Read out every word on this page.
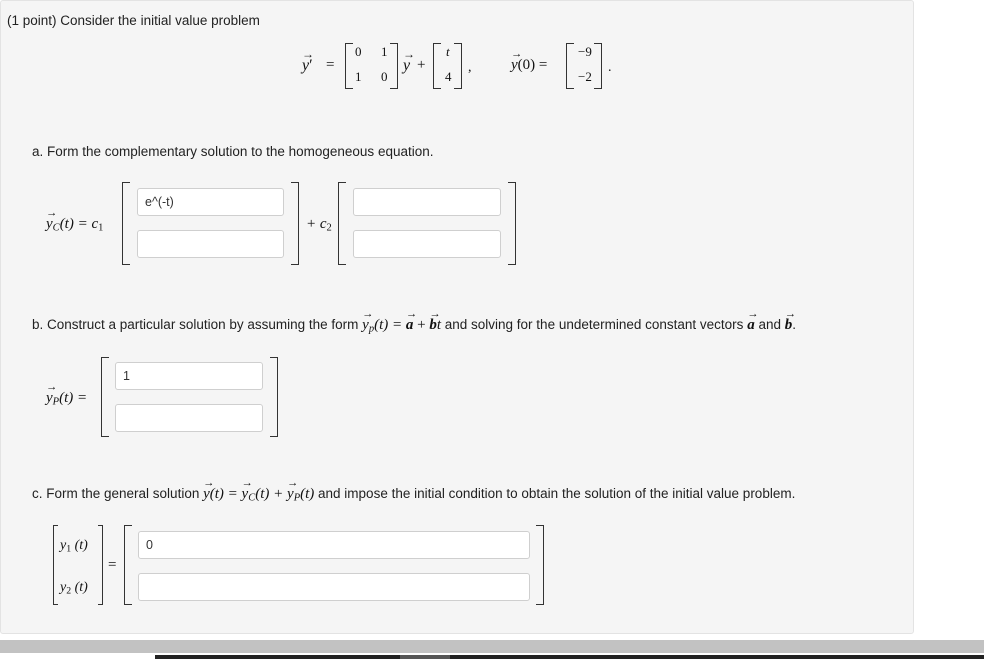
(1 point) Consider the initial value problem
→ y′ =
0 1
1 0
→ y +
t
4
,
→	y(0) =
−9
−2
.
a. Form the complementary solution to the homogeneous equation.
→ $y_C(t) = c_1$
e^(-t)	+ $c_2$
b. Construct a particular solution by assuming the form → $y_p(t)$ = → a + → bt and solving for the undetermined constant vectors → a and → b.
→ $y_P(t)$ =
1
c. Form the general solution → y(t) = → $y_C(t)$ + → $y_P(t)$ and impose the initial condition to obtain the solution of the initial value problem.
$y_1$ (t)
$y_2$ (t)
=
0
